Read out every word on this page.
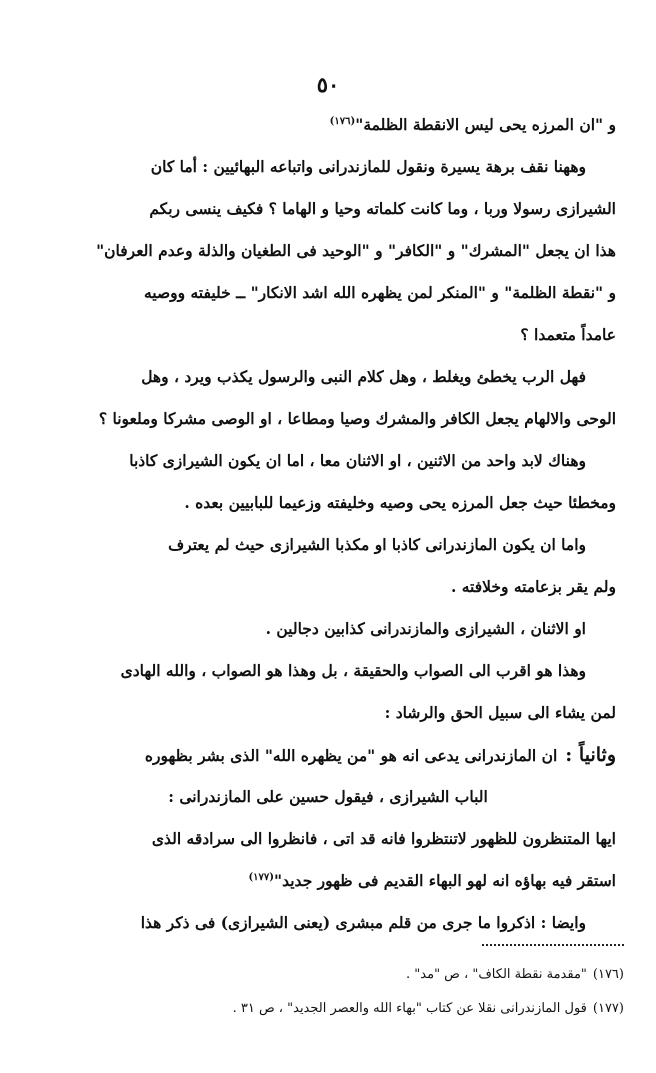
٥٠
و "ان المرزه يحى ليس الانقطة الظلمة"$^{(١٧٦)}$
وههنا نقف برهة يسيرة ونقول للمازندرانى واتباعه البهائيين : أما كان
الشيرازى رسولا وربا ، وما كانت كلماته وحيا و الهاما ؟ فكيف ينسى ربكم
هذا ان يجعل "المشرك" و "الكافر" و "الوحيد فى الطغيان والذلة وعدم العرفان"
و "نقطة الظلمة" و "المنكر لمن يظهره الله اشد الانكار" ــ خليفته ووصيه
عامداً متعمدا ؟
فهل الرب يخطئ ويغلط ، وهل كلام النبى والرسول يكذب ويرد ، وهل
الوحى والالهام يجعل الكافر والمشرك وصيا ومطاعا ، او الوصى مشركا وملعونا ؟
وهناك لابد واحد من الاثنين ، او الاثنان معا ، اما ان يكون الشيرازى كاذبا
ومخطئا حيث جعل المرزه يحى وصيه وخليفته وزعيما للبابيين بعده .
واما ان يكون المازندرانى كاذبا او مكذبا الشيرازى حيث لم يعترف
ولم يقر بزعامته وخلافته .
او الاثنان ، الشيرازى والمازندرانى كذابين دجالين .
وهذا هو اقرب الى الصواب والحقيقة ، بل وهذا هو الصواب ، والله الهادى
لمن يشاء الى سبيل الحق والرشاد :
وثانياً :ان المازندرانى يدعى انه هو "من يظهره الله" الذى بشر بظهوره
الباب الشيرازى ، فيقول حسين على المازندرانى :
ايها المتنظرون للظهور لاتنتظروا فانه قد اتى ، فانظروا الى سرادقه الذى
استقر فيه بهاؤه انه لهو البهاء القديم فى ظهور جديد"$^{(١٧٧)}$
وايضا : اذكروا ما جرى من قلم مبشرى (يعنى الشيرازى) فى ذكر هذا
(١٧٦)"مقدمة نقطة الكاف" ، ص "مد" .
(١٧٧)قول المازندرانى نقلا عن كتاب "بهاء الله والعصر الجديد" ، ص ٣١ .
